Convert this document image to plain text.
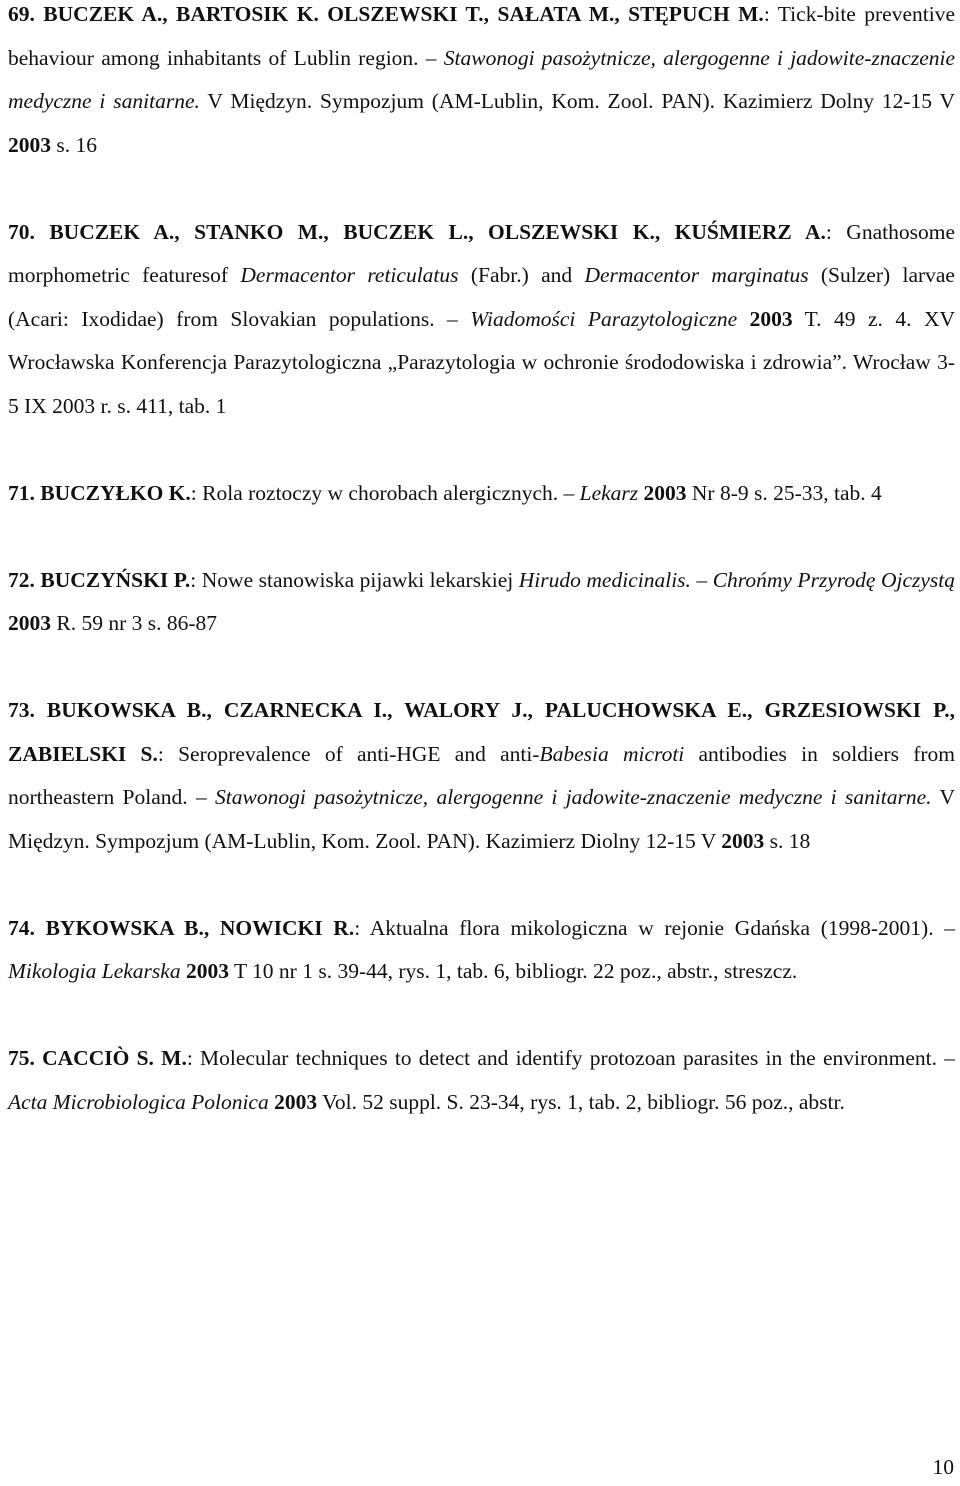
69. BUCZEK A., BARTOSIK K. OLSZEWSKI T., SAŁATA M., STĘPUCH M.: Tick-bite preventive behaviour among inhabitants of Lublin region. – Stawonogi pasożytnicze, alergogenne i jadowite-znaczenie medyczne i sanitarne. V Międzyn. Sympozjum (AM-Lublin, Kom. Zool. PAN). Kazimierz Dolny 12-15 V 2003 s. 16

70. BUCZEK A., STANKO M., BUCZEK L., OLSZEWSKI K., KUŚMIERZ A.: Gnathosome morphometric featuresof Dermacentor reticulatus (Fabr.) and Dermacentor marginatus (Sulzer) larvae (Acari: Ixodidae) from Slovakian populations. – Wiadomości Parazytologiczne 2003 T. 49 z. 4. XV Wrocławska Konferencja Parazytologiczna „Parazytologia w ochronie środodowiska i zdrowia”. Wrocław 3-5 IX 2003 r. s. 411, tab. 1

71. BUCZYŁKO K.: Rola roztoczy w chorobach alergicznych. – Lekarz 2003 Nr 8-9 s. 25-33, tab. 4

72. BUCZYŃSKI P.: Nowe stanowiska pijawki lekarskiej Hirudo medicinalis. – Chrońmy Przyrodę Ojczystą 2003 R. 59 nr 3 s. 86-87

73. BUKOWSKA B., CZARNECKA I., WALORY J., PALUCHOWSKA E., GRZESIOWSKI P., ZABIELSKI S.: Seroprevalence of anti-HGE and anti-Babesia microti antibodies in soldiers from northeastern Poland. – Stawonogi pasożytnicze, alergogenne i jadowite-znaczenie medyczne i sanitarne. V Międzyn. Sympozjum (AM-Lublin, Kom. Zool. PAN). Kazimierz Diolny 12-15 V 2003 s. 18

74. BYKOWSKA B., NOWICKI R.: Aktualna flora mikologiczna w rejonie Gdańska (1998-2001). – Mikologia Lekarska 2003 T 10 nr 1 s. 39-44, rys. 1, tab. 6, bibliogr. 22 poz., abstr., streszcz.

75. CACCIÒ S. M.: Molecular techniques to detect and identify protozoan parasites in the environment. – Acta Microbiologica Polonica 2003 Vol. 52 suppl. S. 23-34, rys. 1, tab. 2, bibliogr. 56 poz., abstr.

10
